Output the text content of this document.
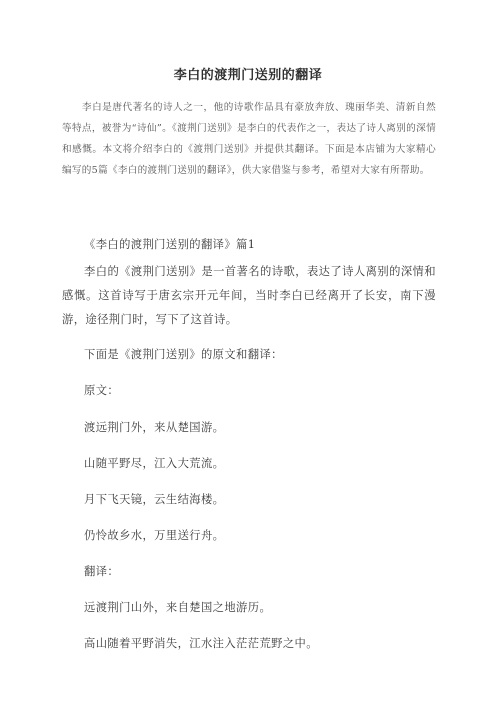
李白的渡荆门送别的翻译
李白是唐代著名的诗人之一，他的诗歌作品具有豪放奔放、瑰丽华美、清新自然等特点，被誉为“诗仙”。《渡荆门送别》是李白的代表作之一，表达了诗人离别的深情和感慨。本文将介绍李白的《渡荆门送别》并提供其翻译。下面是本店铺为大家精心编写的5篇《李白的渡荆门送别的翻译》，供大家借鉴与参考，希望对大家有所帮助。
《李白的渡荆门送别的翻译》篇1
李白的《渡荆门送别》是一首著名的诗歌，表达了诗人离别的深情和感慨。这首诗写于唐玄宗开元年间，当时李白已经离开了长安，南下漫游，途径荆门时，写下了这首诗。
下面是《渡荆门送别》的原文和翻译：
原文：
渡远荆门外，来从楚国游。
山随平野尽，江入大荒流。
月下飞天镜，云生结海楼。
仍怜故乡水，万里送行舟。
翻译：
远渡荆门山外，来自楚国之地游历。
高山随着平野消失，江水注入茫茫荒野之中。
